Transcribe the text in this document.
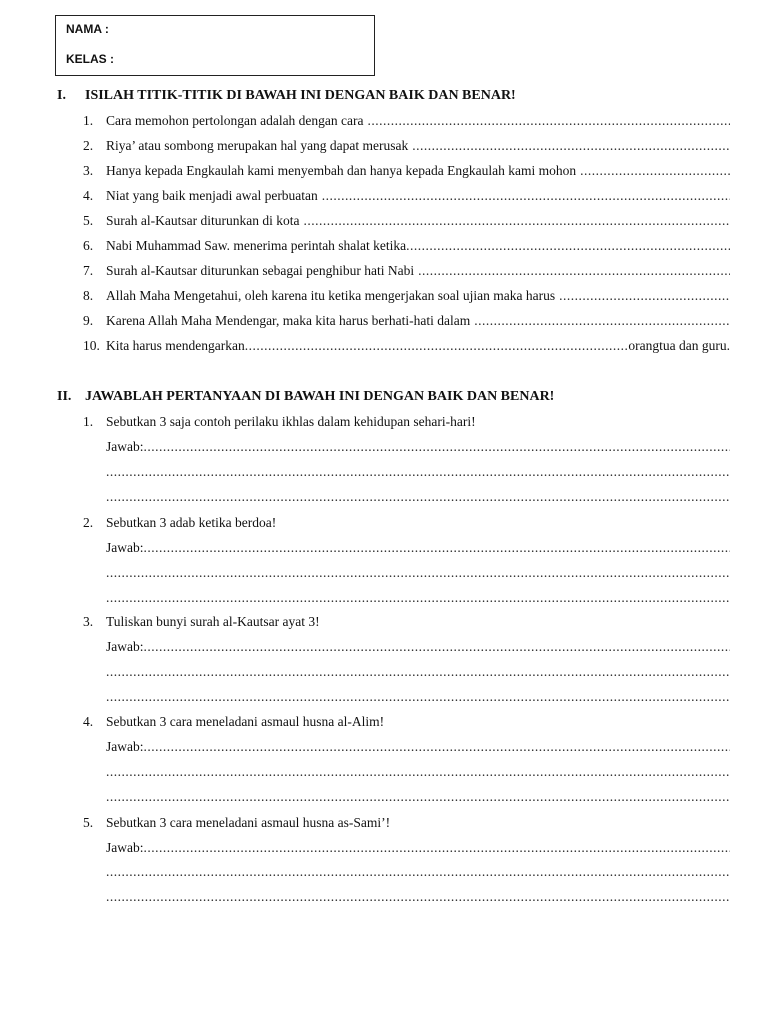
NAMA :
KELAS :
I. ISILAH TITIK-TITIK DI BAWAH INI DENGAN BAIK DAN BENAR!
1. Cara memohon pertolongan adalah dengan cara
.....
2. Riya’ atau sombong merupakan hal yang dapat merusak
.....
3. Hanya kepada Engkaulah kami menyembah dan hanya kepada Engkaulah kami mohon
.....
4. Niat yang baik menjadi awal perbuatan
.....
5. Surah al-Kautsar diturunkan di kota
.....
6. Nabi Muhammad Saw. menerima perintah shalat ketika
.....
7. Surah al-Kautsar diturunkan sebagai penghibur hati Nabi
.....
8. Allah Maha Mengetahui, oleh karena itu ketika mengerjakan soal ujian maka harus
.....
9. Karena Allah Maha Mendengar, maka kita harus berhati-hati dalam
.....
10. Kita harus mendengarkan
.....	orangtua dan guru.
II. JAWABLAH PERTANYAAN DI BAWAH INI DENGAN BAIK DAN BENAR!
1. Sebutkan 3 saja contoh perilaku ikhlas dalam kehidupan sehari-hari!
Jawab:
.....
.....
.....
2. Sebutkan 3 adab ketika berdoa!
Jawab:
.....
.....
.....
3. Tuliskan bunyi surah al-Kautsar ayat 3!
Jawab:
.....
.....
.....
4. Sebutkan 3 cara meneladani asmaul husna al-Alim!
Jawab:
.....
.....
.....
5. Sebutkan 3 cara meneladani asmaul husna as-Sami’!
Jawab:
.....
.....
.....
